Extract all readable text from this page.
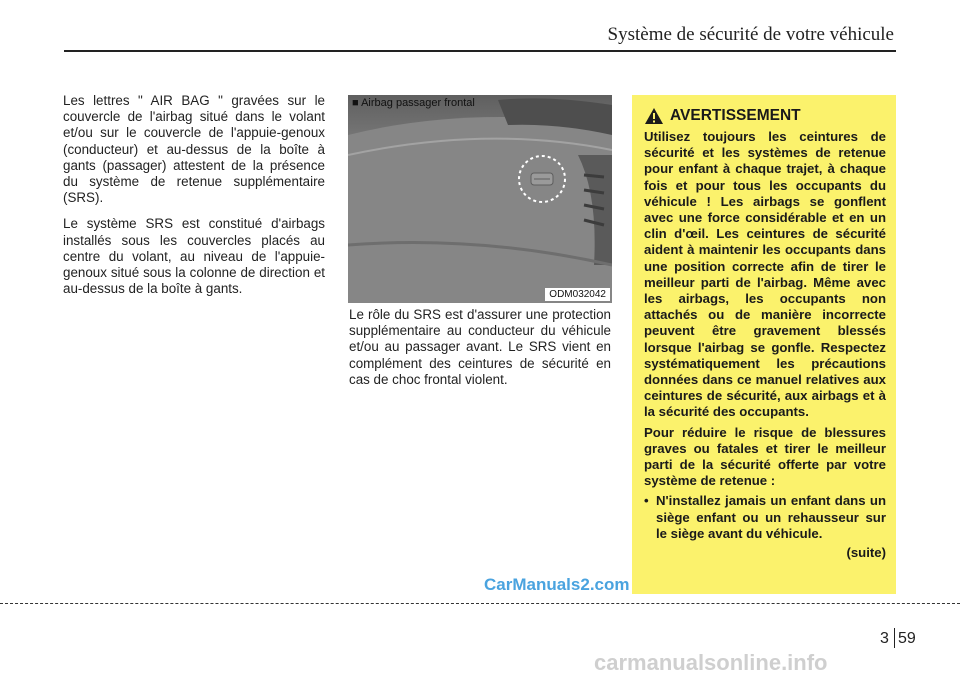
Système de sécurité de votre véhicule

Les lettres " AIR BAG " gravées sur le couvercle de l'airbag situé dans le volant et/ou sur le couvercle de l'appuie-genoux (conducteur) et au-dessus de la boîte à gants (passager) attestent de la présence du système de retenue supplémentaire (SRS).

Le système SRS est constitué d'airbags installés sous les couvercles placés au centre du volant, au niveau de l'appuie-genoux situé sous la colonne de direction et au-dessus de la boîte à gants.

■ Airbag passager frontal
ODM032042

Le rôle du SRS est d'assurer une protection supplémentaire au conducteur du véhicule et/ou au passager avant. Le SRS vient en complément des ceintures de sécurité en cas de choc frontal violent.

AVERTISSEMENT

Utilisez toujours les ceintures de sécurité et les systèmes de retenue pour enfant à chaque trajet, à chaque fois et pour tous les occupants du véhicule ! Les airbags se gonflent avec une force considérable et en un clin d'œil. Les ceintures de sécurité aident à maintenir les occupants dans une position correcte afin de tirer le meilleur parti de l'airbag. Même avec les airbags, les occupants non attachés ou de manière incorrecte peuvent être gravement blessés lorsque l'airbag se gonfle. Respectez systématiquement les précautions données dans ce manuel relatives aux ceintures de sécurité, aux airbags et à la sécurité des occupants.

Pour réduire le risque de blessures graves ou fatales et tirer le meilleur parti de la sécurité offerte par votre système de retenue :

• N'installez jamais un enfant dans un siège enfant ou un rehausseur sur le siège avant du véhicule.
(suite)
CarManuals2.com
3 59
carmanualsonline.info
